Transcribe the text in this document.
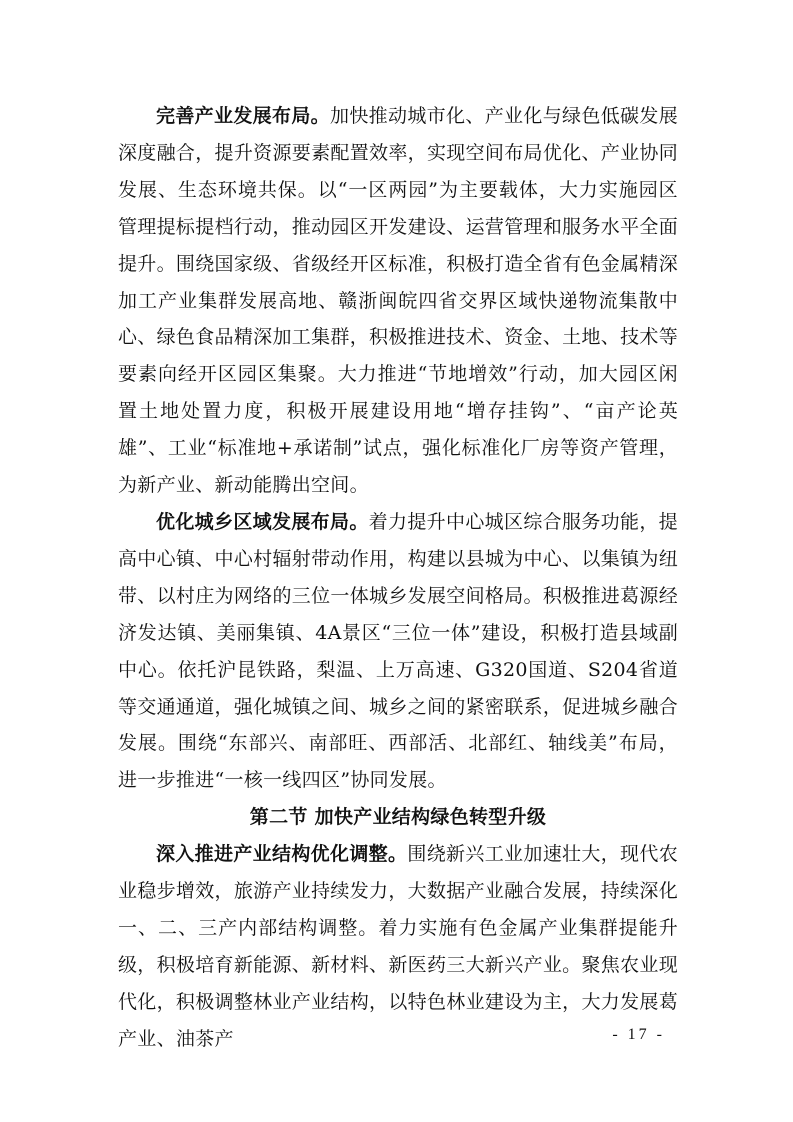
完善产业发展布局。加快推动城市化、产业化与绿色低碳发展深度融合，提升资源要素配置效率，实现空间布局优化、产业协同发展、生态环境共保。以“一区两园”为主要载体，大力实施园区管理提标提档行动，推动园区开发建设、运营管理和服务水平全面提升。围绕国家级、省级经开区标准，积极打造全省有色金属精深加工产业集群发展高地、赣浙闽皖四省交界区域快递物流集散中心、绿色食品精深加工集群，积极推进技术、资金、土地、技术等要素向经开区园区集聚。大力推进“节地增效”行动，加大园区闲置土地处置力度，积极开展建设用地“增存挂钩”、“亩产论英雄”、工业“标准地+承诺制”试点，强化标准化厂房等资产管理，为新产业、新动能腾出空间。

优化城乡区域发展布局。着力提升中心城区综合服务功能，提高中心镇、中心村辐射带动作用，构建以县城为中心、以集镇为纽带、以村庄为网络的三位一体城乡发展空间格局。积极推进葛源经济发达镇、美丽集镇、4A景区“三位一体”建设，积极打造县域副中心。依托沪昆铁路，梨温、上万高速、G320国道、S204省道等交通通道，强化城镇之间、城乡之间的紧密联系，促进城乡融合发展。围绕“东部兴、南部旺、西部活、北部红、轴线美”布局，进一步推进“一核一线四区”协同发展。

第二节 加快产业结构绿色转型升级

深入推进产业结构优化调整。围绕新兴工业加速壮大，现代农业稳步增效，旅游产业持续发力，大数据产业融合发展，持续深化一、二、三产内部结构调整。着力实施有色金属产业集群提能升级，积极培育新能源、新材料、新医药三大新兴产业。聚焦农业现代化，积极调整林业产业结构，以特色林业建设为主，大力发展葛产业、油茶产	- 17 -
